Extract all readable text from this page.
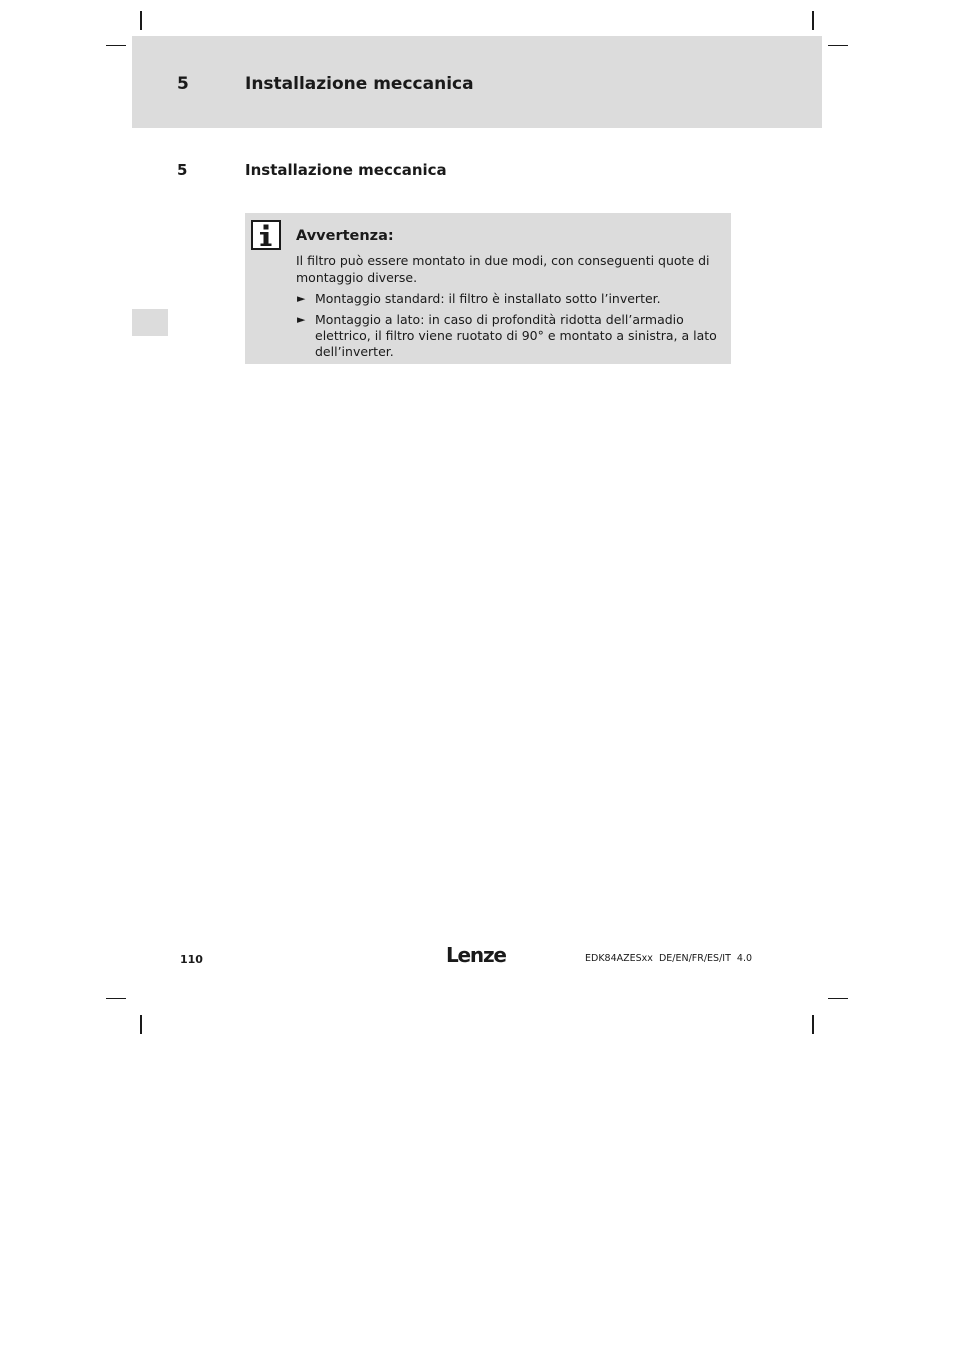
5	Installazione meccanica
5	Installazione meccanica
Avvertenza:
Il filtro può essere montato in due modi, con conseguenti quote di montaggio diverse.
► Montaggio standard: il filtro è installato sotto l’inverter.
► Montaggio a lato: in caso di profondità ridotta dell’armadio elettrico, il filtro viene ruotato di 90° e montato a sinistra, a lato dell’inverter.
110	Lenze	EDK84AZESxx  DE/EN/FR/ES/IT  4.0
